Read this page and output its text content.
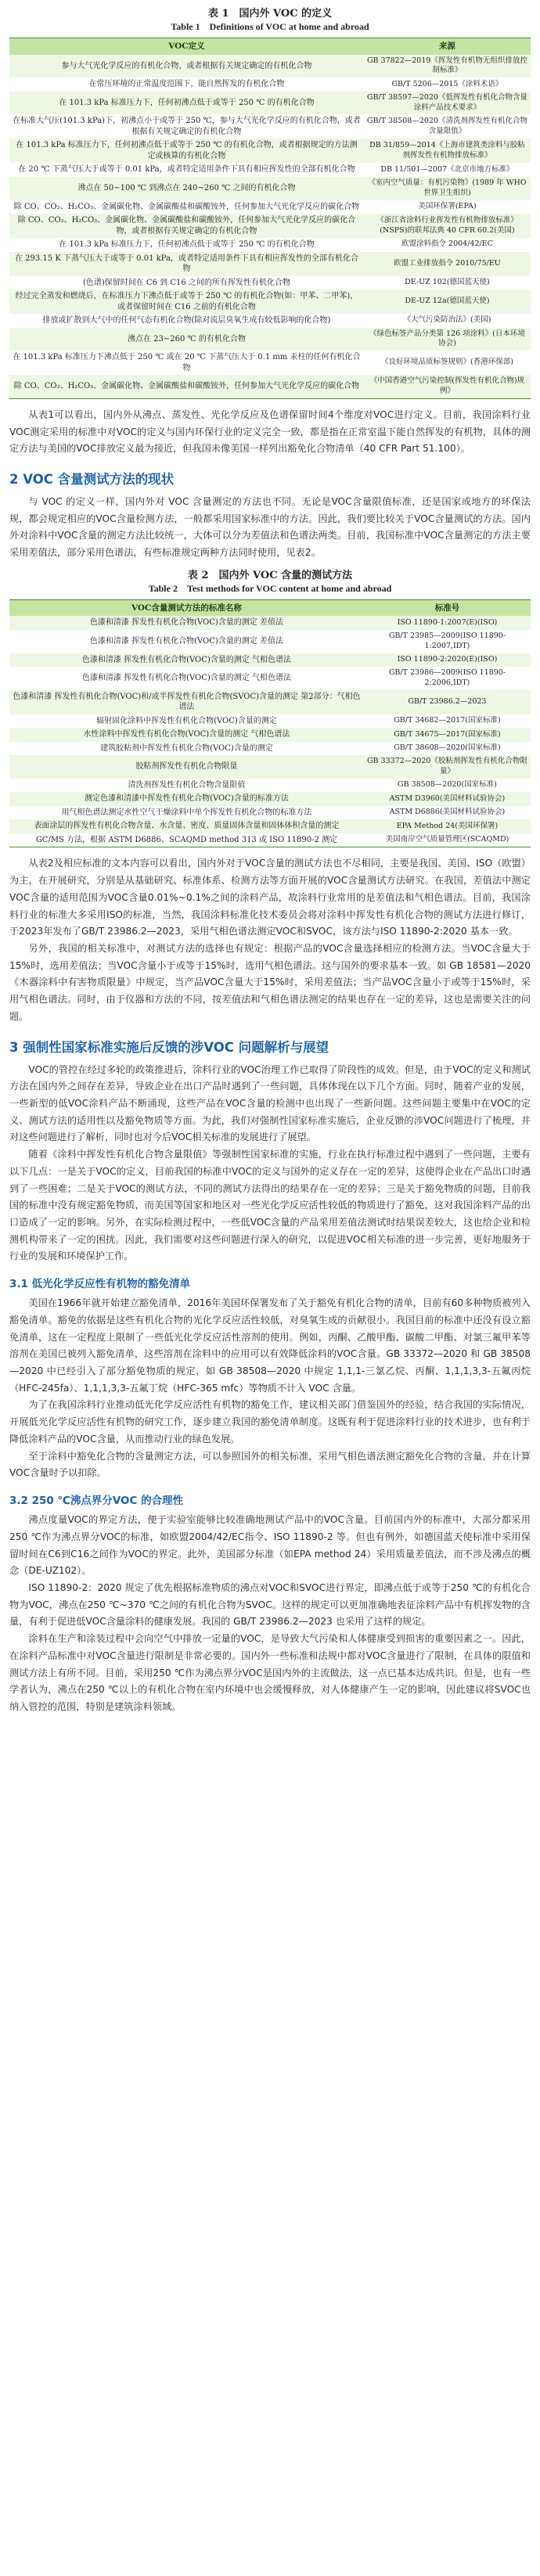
表 1　国内外 VOC 的定义

Table 1　Definitions of VOC at home and abroad

VOC定义	来源
参与大气光化学反应的有机化合物，或者根据有关规定确定的有机化合物	GB 37822—2019《挥发性有机物无组织排放控制标准》
在常压环境的正常温度范围下，能自然挥发的有机化合物	GB/T 5206—2015《涂料术语》
在 101.3 kPa 标准压力下，任何初沸点低于或等于 250 ℃ 的有机化合物	GB/T 38597—2020《低挥发性有机化合物含量涂料产品技术要求》
在标准大气压(101.3 kPa)下，初沸点小于或等于 250 ℃，参与大气光化学反应的有机化合物，或者根据有关规定确定的有机化合物	GB/T 38508—2020《清洗剂挥发性有机化合物含量限值》
在 101.3 kPa 标准压力下，任何初沸点低于或等于 250 ℃ 的有机化合物，或者根据规定的方法测定或核算的有机化合物	DB 31/859—2014《上海市建筑类涂料与胶粘剂挥发性有机物排放标准》
在 20 ℃ 下蒸气压大于或等于 0.01 kPa，或者特定适用条件下具有相应挥发性的全部有机化合物	DB 11/501—2007《北京市地方标准》
沸点在 50~100 ℃ 到沸点在 240~260 ℃ 之间的有机化合物	《室内空气质量：有机污染物》(1989 年 WHO 世界卫生组织)
除 CO、CO₂、H₂CO₃、金属碳化物、金属碳酸盐和碳酸铵外，任何参加大气光化学反应的碳化合物	美国环保署(EPA)
除 CO、CO₂、H₂CO₃、金属碳化物、金属碳酸盐和碳酸铵外，任何参加大气光化学反应的碳化合物，或者根据有关规定确定的有机化合物	《浙江省涂料行业挥发性有机物排放标准》(NSPS)的联邦法典 40 CFR 60.2(美国)
在 101.3 kPa 标准压力下，任何初沸点低于或等于 250 ℃ 的有机化合物	欧盟涂料指令 2004/42/EC
在 293.15 K 下蒸气压大于或等于 0.01 kPa，或者特定适用条件下具有相应挥发性的全部有机化合物	欧盟工业排放指令 2010/75/EU
(色谱)保留时间在 C6 到 C16 之间的所有挥发性有机化合物	DE-UZ 102(德国蓝天使)
经过完全蒸发和燃烧后，在标准压力下沸点低于或等于 250 ℃ 的有机化合物(如：甲苯、二甲苯)，或者保留时间在 C16 之前的有机化合物	DE-UZ 12a(德国蓝天使)
排放或扩散到大气中的任何气态有机化合物(除对流层臭氧生成有较低影响的化合物)	《大气污染防治法》(美国)
沸点在 23~260 ℃ 的有机化合物	《绿色标签产品分类第 126 项涂料》(日本环境协会)
在 101.3 kPa 标准压力下沸点低于 250 ℃ 或在 20 ℃ 下蒸气压大于 0.1 mm 汞柱的任何有机化合物	《良好环境品质标签规则》(香港环保部)
除 CO、CO₂、H₂CO₃、金属碳化物、金属碳酸盐和碳酸铵外，任何参加大气光化学反应的碳化合物	《中国香港空气污染控制(挥发性有机化合物)规例》

从表1可以看出，国内外从沸点、蒸发性、光化学反应及色谱保留时间4个维度对VOC进行定义。目前，我国涂料行业VOC测定采用的标准中对VOC的定义与国内环保行业的定义完全一致，都是指在正常室温下能自然挥发的有机物，具体的测定方法与美国的VOC排放定义最为接近，但我国未像美国一样列出豁免化合物清单（40 CFR Part 51.100）。

2 VOC 含量测试方法的现状

与 VOC 的定义一样，国内外对 VOC 含量测定的方法也不同。无论是VOC含量限值标准，还是国家或地方的环保法规，都会规定相应的VOC含量检测方法，一般都采用国家标准中的方法。因此，我们要比较关于VOC含量测试的方法。国内外对涂料中VOC含量的测定方法比较统一，大体可以分为差值法和色谱法两类。目前，我国标准中VOC含量测定的方法主要采用差值法，部分采用色谱法，有些标准规定两种方法同时使用，见表2。

表 2　国内外 VOC 含量的测试方法

Table 2　Test methods for VOC content at home and abroad

VOC含量测试方法的标准名称	标准号
色漆和清漆 挥发性有机化合物(VOC)含量的测定 差值法	ISO 11890-1:2007(E)(ISO)
色漆和清漆 挥发性有机化合物(VOC)含量的测定 差值法	GB/T 23985—2009(ISO 11890-1:2007,IDT)
色漆和清漆 挥发性有机化合物(VOC)含量的测定 气相色谱法	ISO 11890-2:2020(E)(ISO)
色漆和清漆 挥发性有机化合物(VOC)含量的测定 气相色谱法	GB/T 23986—2009(ISO 11890-2:2006,IDT)
色漆和清漆 挥发性有机化合物(VOC)和/或半挥发性有机化合物(SVOC)含量的测定 第2部分：气相色谱法	GB/T 23986.2—2023
辐射固化涂料中挥发性有机化合物(VOC)含量的测定	GB/T 34682—2017(国家标准)
水性涂料中挥发性有机化合物(VOC)含量的测定 气相色谱法	GB/T 34675—2017(国家标准)
建筑胶粘剂中挥发性有机化合物(VOC)含量的测定	GB/T 38608—2020(国家标准)
胶粘剂挥发性有机化合物限量	GB 33372—2020《胶粘剂挥发性有机化合物限量》
清洗剂挥发性有机化合物含量限值	GB 38508—2020(国家标准)
测定色漆和清漆中挥发性有机化合物(VOC)含量的标准方法	ASTM D3960(美国材料试验协会)
用气相色谱法测定水性空气干燥涂料中单个挥发性有机化合物的标准方法	ASTM D6886(美国材料试验协会)
表面涂层的挥发性有机化合物含量、水含量、密度、质量固体含量和固体体积含量的测定	EPA Method 24(美国环保署)
GC/MS 方法，根据 ASTM D6886、SCAQMD method 313 或 ISO 11890-2 测定	美国南岸空气质量管理区(SCAQMD)

从表2及相应标准的文本内容可以看出，国内外对于VOC含量的测试方法也不尽相同，主要是我国、美国、ISO（欧盟）为主，在开展研究，分别是从基础研究、标准体系、检测方法等方面开展的VOC含量测试方法研究。在我国，差值法中测定VOC含量的适用范围为VOC含量0.01%~0.1%之间的涂料产品，故涂料行业常用的是差值法和气相色谱法。目前，我国涂料行业的标准大多采用ISO的标准，当然，我国涂料标准化技术委员会将对涂料中挥发性有机化合物的测试方法进行修订，于2023年发布了GB/T 23986.2—2023，采用气相色谱法测定VOC和SVOC，该方法与ISO 11890-2:2020 基本一致。

另外，我国的相关标准中，对测试方法的选择也有规定：根据产品的VOC含量选择相应的检测方法。当VOC含量大于15%时，选用差值法；当VOC含量小于或等于15%时，选用气相色谱法。这与国外的要求基本一致。如 GB 18581—2020《木器涂料中有害物质限量》中规定，当产品VOC含量大于15%时，采用差值法；当产品VOC含量小于或等于15%时，采用气相色谱法。同时，由于仪器和方法的不同，按差值法和气相色谱法测定的结果也存在一定的差异，这也是需要关注的问题。

3 强制性国家标准实施后反馈的涉VOC 问题解析与展望

VOC的管控在经过多轮的政策推进后，涂料行业的VOC治理工作已取得了阶段性的成效。但是，由于VOC的定义和测试方法在国内外之间存在差异，导致企业在出口产品时遇到了一些问题，具体体现在以下几个方面。同时，随着产业的发展，一些新型的低VOC涂料产品不断涌现，这些产品在VOC含量的检测中也出现了一些新问题。这些问题主要集中在VOC的定义、测试方法的适用性以及豁免物质等方面。为此，我们对强制性国家标准实施后，企业反馈的涉VOC问题进行了梳理，并对这些问题进行了解析，同时也对今后VOC相关标准的发展进行了展望。

随着《涂料中挥发性有机化合物含量限值》等强制性国家标准的实施，行业在执行标准过程中遇到了一些问题，主要有以下几点：一是关于VOC的定义，目前我国的标准中VOC的定义与国外的定义存在一定的差异，这使得企业在产品出口时遇到了一些困难；二是关于VOC的测试方法，不同的测试方法得出的结果存在一定的差异；三是关于豁免物质的问题，目前我国的标准中没有规定豁免物质，而美国等国家和地区对一些光化学反应活性较低的物质进行了豁免，这对我国涂料产品的出口造成了一定的影响。另外，在实际检测过程中，一些低VOC含量的产品采用差值法测试时结果误差较大，这也给企业和检测机构带来了一定的困扰。因此，我们需要对这些问题进行深入的研究，以促进VOC相关标准的进一步完善，更好地服务于行业的发展和环境保护工作。

3.1 低光化学反应性有机物的豁免清单

美国在1966年就开始建立豁免清单，2016年美国环保署发布了关于豁免有机化合物的清单，目前有60多种物质被列入豁免清单。豁免的依据是这些有机化合物的光化学反应活性较低，对臭氧生成的贡献很小。我国目前的标准中还没有设立豁免清单，这在一定程度上限制了一些低光化学反应活性溶剂的使用。例如，丙酮、乙酸甲酯、碳酸二甲酯、对氯三氟甲苯等溶剂在美国已被列入豁免清单，这些溶剂在涂料中的应用可以有效降低涂料的VOC含量。GB 33372—2020 和 GB 38508—2020 中已经引入了部分豁免物质的规定，如 GB 38508—2020 中规定 1,1,1-三氯乙烷、丙酮、1,1,1,3,3-五氟丙烷（HFC-245fa）、1,1,1,3,3-五氟丁烷（HFC-365 mfc）等物质不计入 VOC 含量。

为了在我国涂料行业推动低光化学反应活性有机物的豁免工作，建议相关部门借鉴国外的经验，结合我国的实际情况，开展低光化学反应活性有机物的研究工作，逐步建立我国的豁免清单制度。这既有利于促进涂料行业的技术进步，也有利于降低涂料产品的VOC含量，从而推动行业的绿色发展。

至于涂料中豁免化合物的含量测定方法，可以参照国外的相关标准，采用气相色谱法测定豁免化合物的含量，并在计算VOC含量时予以扣除。

3.2 250 ℃沸点界分VOC 的合理性

沸点度量VOC的界定方法，便于实验室能够比较准确地测试产品中的VOC含量。目前国内外的标准中，大部分都采用250 ℃作为沸点界分VOC的标准，如欧盟2004/42/EC指令、ISO 11890-2 等。但也有例外，如德国蓝天使标准中采用保留时间在C6到C16之间作为VOC的界定。此外，美国部分标准（如EPA method 24）采用质量差值法，而不涉及沸点的概念（DE-UZ102）。

ISO 11890-2：2020 规定了优先根据标准物质的沸点对VOC和SVOC进行界定，即沸点低于或等于250 ℃的有机化合物为VOC，沸点在250 ℃~370 ℃之间的有机化合物为SVOC。这样的规定可以更加准确地表征涂料产品中有机挥发物的含量，有利于促进低VOC含量涂料的健康发展。我国的 GB/T 23986.2—2023 也采用了这样的规定。

涂料在生产和涂装过程中会向空气中排放一定量的VOC，是导致大气污染和人体健康受到损害的重要因素之一。因此，在涂料产品标准中对VOC含量进行限制是非常必要的。国内外一些标准和法规中都对VOC含量进行了限制，在具体的限值和测试方法上有所不同。目前，采用250 ℃作为沸点界分VOC是国内外的主流做法，这一点已基本达成共识。但是，也有一些学者认为，沸点在250 ℃以上的有机化合物在室内环境中也会缓慢释放，对人体健康产生一定的影响，因此建议将SVOC也纳入管控的范围，特别是建筑涂料领域。
